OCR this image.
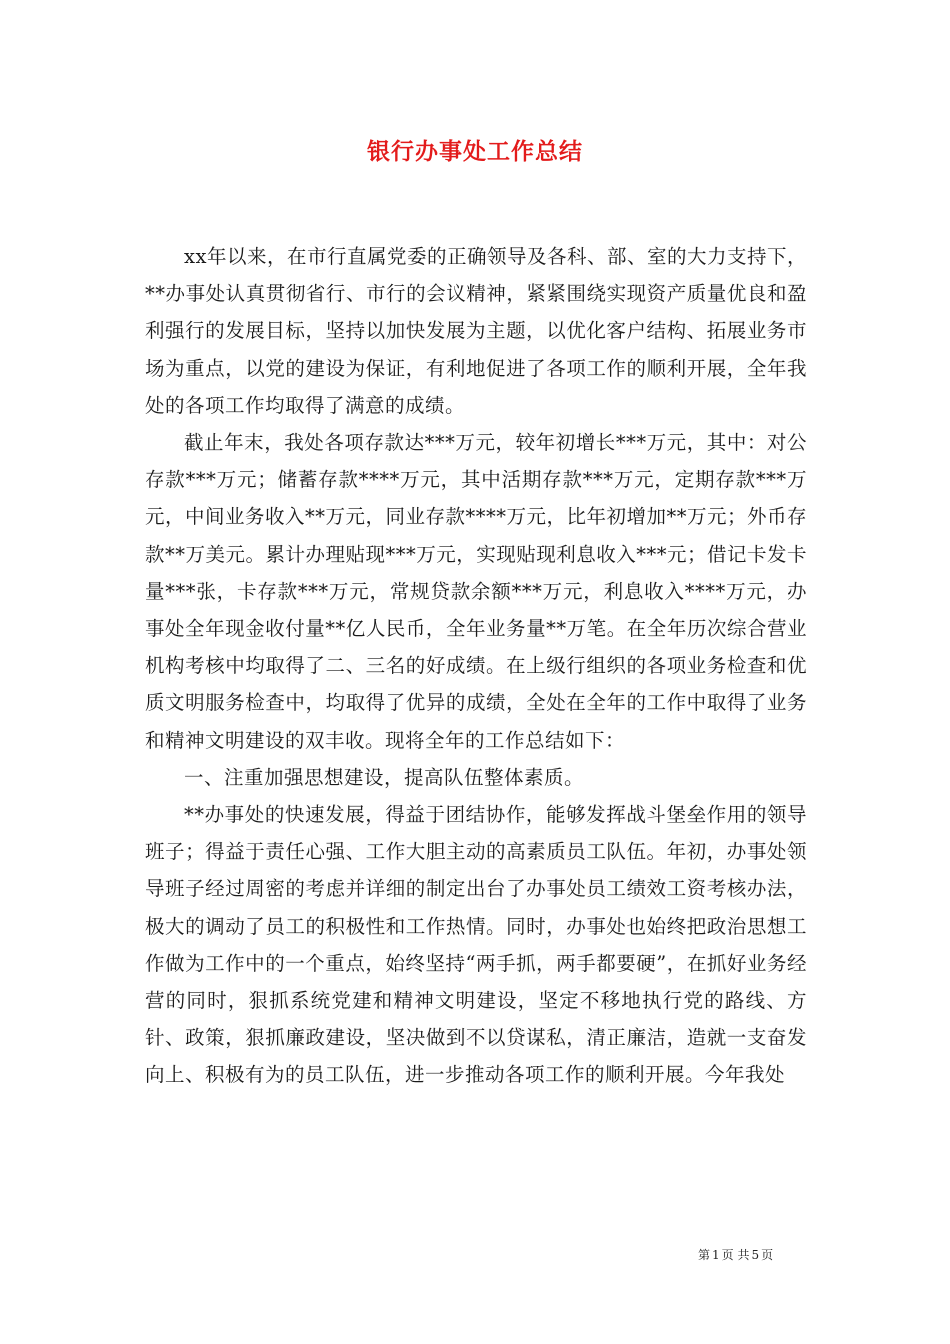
银行办事处工作总结

xx年以来，在市行直属党委的正确领导及各科、部、室的大力支持下，**办事处认真贯彻省行、市行的会议精神，紧紧围绕实现资产质量优良和盈利强行的发展目标，坚持以加快发展为主题，以优化客户结构、拓展业务市场为重点，以党的建设为保证，有利地促进了各项工作的顺利开展，全年我处的各项工作均取得了满意的成绩。

截止年末，我处各项存款达***万元，较年初增长***万元，其中：对公存款***万元；储蓄存款****万元，其中活期存款***万元，定期存款***万元，中间业务收入**万元，同业存款****万元，比年初增加**万元；外币存款**万美元。累计办理贴现***万元，实现贴现利息收入***元；借记卡发卡量***张，卡存款***万元，常规贷款余额***万元，利息收入****万元，办事处全年现金收付量**亿人民币，全年业务量**万笔。在全年历次综合营业机构考核中均取得了二、三名的好成绩。在上级行组织的各项业务检查和优质文明服务检查中，均取得了优异的成绩，全处在全年的工作中取得了业务和精神文明建设的双丰收。现将全年的工作总结如下：

一、注重加强思想建设，提高队伍整体素质。

**办事处的快速发展，得益于团结协作，能够发挥战斗堡垒作用的领导班子；得益于责任心强、工作大胆主动的高素质员工队伍。年初，办事处领导班子经过周密的考虑并详细的制定出台了办事处员工绩效工资考核办法，极大的调动了员工的积极性和工作热情。同时，办事处也始终把政治思想工作做为工作中的一个重点，始终坚持“两手抓，两手都要硬”，在抓好业务经营的同时，狠抓系统党建和精神文明建设，坚定不移地执行党的路线、方针、政策，狠抓廉政建设，坚决做到不以贷谋私，清正廉洁，造就一支奋发向上、积极有为的员工队伍，进一步推动各项工作的顺利开展。今年我处

第 1 页 共 5 页
